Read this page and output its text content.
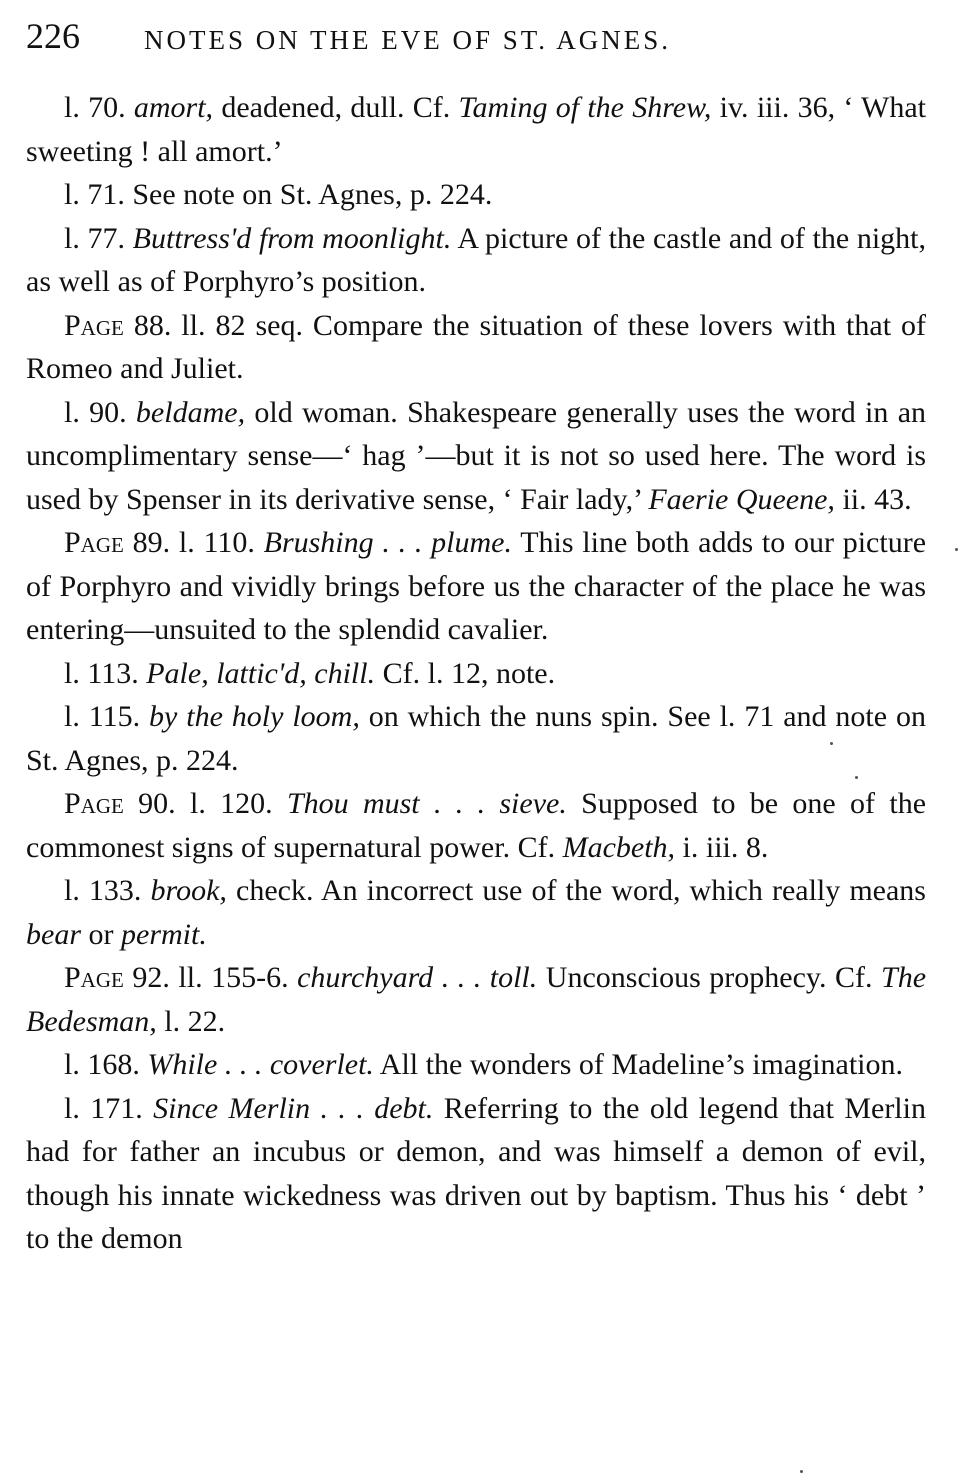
226 NOTES ON THE EVE OF ST. AGNES.

l. 70. amort, deadened, dull. Cf. Taming of the Shrew, iv. iii. 36, ‘ What sweeting ! all amort.’

l. 71. See note on St. Agnes, p. 224.

l. 77. Buttress'd from moonlight. A picture of the castle and of the night, as well as of Porphyro’s position.

Page 88. ll. 82 seq. Compare the situation of these lovers with that of Romeo and Juliet.

l. 90. beldame, old woman. Shakespeare generally uses the word in an uncomplimentary sense—‘ hag ’—but it is not so used here. The word is used by Spenser in its derivative sense, ‘ Fair lady,’ Faerie Queene, ii. 43.

Page 89. l. 110. Brushing . . . plume. This line both adds to our picture of Porphyro and vividly brings before us the character of the place he was entering—unsuited to the splendid cavalier.

l. 113. Pale, lattic'd, chill. Cf. l. 12, note.

l. 115. by the holy loom, on which the nuns spin. See l. 71 and note on St. Agnes, p. 224.

Page 90. l. 120. Thou must . . . sieve. Supposed to be one of the commonest signs of supernatural power. Cf. Macbeth, i. iii. 8.

l. 133. brook, check. An incorrect use of the word, which really means bear or permit.

Page 92. ll. 155-6. churchyard . . . toll. Unconscious prophecy. Cf. The Bedesman, l. 22.

l. 168. While . . . coverlet. All the wonders of Madeline’s imagination.

l. 171. Since Merlin . . . debt. Referring to the old legend that Merlin had for father an incubus or demon, and was himself a demon of evil, though his innate wickedness was driven out by baptism. Thus his ‘ debt ’ to the demon
